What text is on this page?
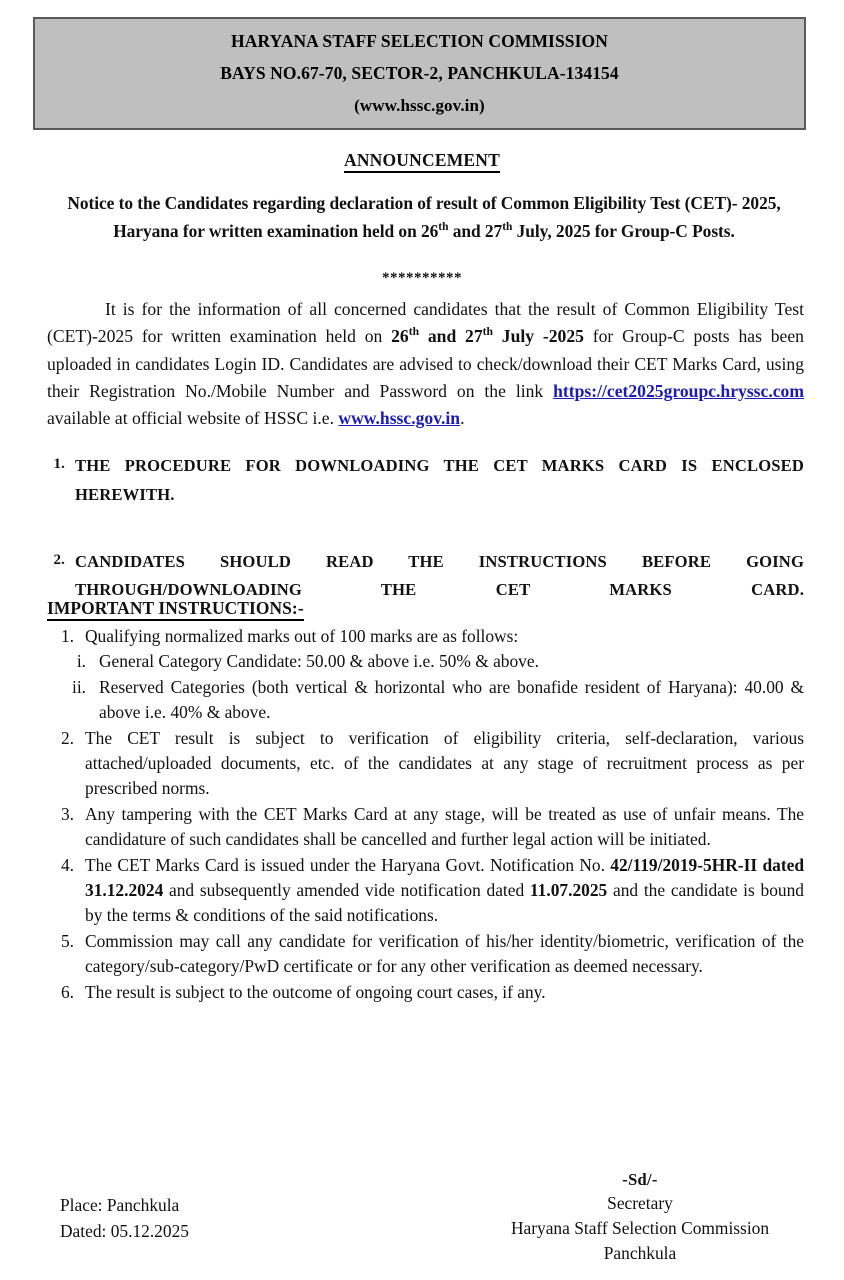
HARYANA STAFF SELECTION COMMISSION
BAYS NO.67-70, SECTOR-2, PANCHKULA-134154
(www.hssc.gov.in)
ANNOUNCEMENT
Notice to the Candidates regarding declaration of result of Common Eligibility Test (CET)- 2025, Haryana for written examination held on 26th and 27th July, 2025 for Group-C Posts.
**********
It is for the information of all concerned candidates that the result of Common Eligibility Test (CET)-2025 for written examination held on 26th and 27th July -2025 for Group-C posts has been uploaded in candidates Login ID. Candidates are advised to check/download their CET Marks Card, using their Registration No./Mobile Number and Password on the link https://cet2025groupc.hryssc.com available at official website of HSSC i.e. www.hssc.gov.in.
1. THE PROCEDURE FOR DOWNLOADING THE CET MARKS CARD IS ENCLOSED HEREWITH.
2. CANDIDATES SHOULD READ THE INSTRUCTIONS BEFORE GOING THROUGH/DOWNLOADING THE CET MARKS CARD.
IMPORTANT INSTRUCTIONS:-
1. Qualifying normalized marks out of 100 marks are as follows:
i. General Category Candidate: 50.00 & above i.e. 50% & above.
ii. Reserved Categories (both vertical & horizontal who are bonafide resident of Haryana): 40.00 & above i.e. 40% & above.
2. The CET result is subject to verification of eligibility criteria, self-declaration, various attached/uploaded documents, etc. of the candidates at any stage of recruitment process as per prescribed norms.
3. Any tampering with the CET Marks Card at any stage, will be treated as use of unfair means. The candidature of such candidates shall be cancelled and further legal action will be initiated.
4. The CET Marks Card is issued under the Haryana Govt. Notification No. 42/119/2019-5HR-II dated 31.12.2024 and subsequently amended vide notification dated 11.07.2025 and the candidate is bound by the terms & conditions of the said notifications.
5. Commission may call any candidate for verification of his/her identity/biometric, verification of the category/sub-category/PwD certificate or for any other verification as deemed necessary.
6. The result is subject to the outcome of ongoing court cases, if any.
-Sd/-
Secretary
Haryana Staff Selection Commission
Panchkula
Place: Panchkula
Dated: 05.12.2025
